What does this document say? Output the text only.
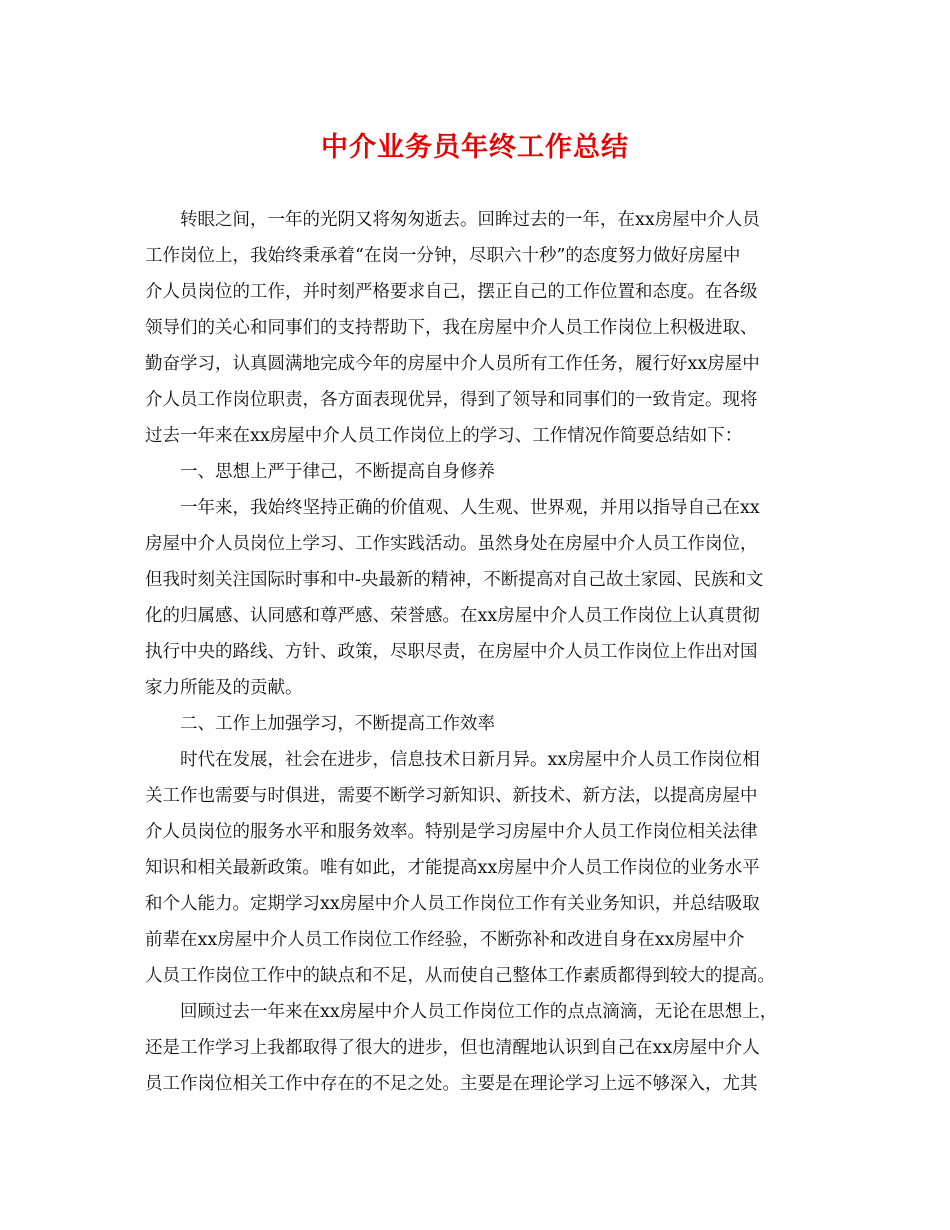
中介业务员年终工作总结
转眼之间，一年的光阴又将匆匆逝去。回眸过去的一年，在xx房屋中介人员
工作岗位上，我始终秉承着“在岗一分钟，尽职六十秒”的态度努力做好房屋中
介人员岗位的工作，并时刻严格要求自己，摆正自己的工作位置和态度。在各级
领导们的关心和同事们的支持帮助下，我在房屋中介人员工作岗位上积极进取、
勤奋学习，认真圆满地完成今年的房屋中介人员所有工作任务，履行好xx房屋中
介人员工作岗位职责，各方面表现优异，得到了领导和同事们的一致肯定。现将
过去一年来在xx房屋中介人员工作岗位上的学习、工作情况作简要总结如下：
一、思想上严于律己，不断提高自身修养
一年来，我始终坚持正确的价值观、人生观、世界观，并用以指导自己在xx
房屋中介人员岗位上学习、工作实践活动。虽然身处在房屋中介人员工作岗位，
但我时刻关注国际时事和中-央最新的精神，不断提高对自己故土家园、民族和文
化的归属感、认同感和尊严感、荣誉感。在xx房屋中介人员工作岗位上认真贯彻
执行中央的路线、方针、政策，尽职尽责，在房屋中介人员工作岗位上作出对国
家力所能及的贡献。
二、工作上加强学习，不断提高工作效率
时代在发展，社会在进步，信息技术日新月异。xx房屋中介人员工作岗位相
关工作也需要与时俱进，需要不断学习新知识、新技术、新方法，以提高房屋中
介人员岗位的服务水平和服务效率。特别是学习房屋中介人员工作岗位相关法律
知识和相关最新政策。唯有如此，才能提高xx房屋中介人员工作岗位的业务水平
和个人能力。定期学习xx房屋中介人员工作岗位工作有关业务知识，并总结吸取
前辈在xx房屋中介人员工作岗位工作经验，不断弥补和改进自身在xx房屋中介
人员工作岗位工作中的缺点和不足，从而使自己整体工作素质都得到较大的提高。
回顾过去一年来在xx房屋中介人员工作岗位工作的点点滴滴，无论在思想上，
还是工作学习上我都取得了很大的进步，但也清醒地认识到自己在xx房屋中介人
员工作岗位相关工作中存在的不足之处。主要是在理论学习上远不够深入，尤其
